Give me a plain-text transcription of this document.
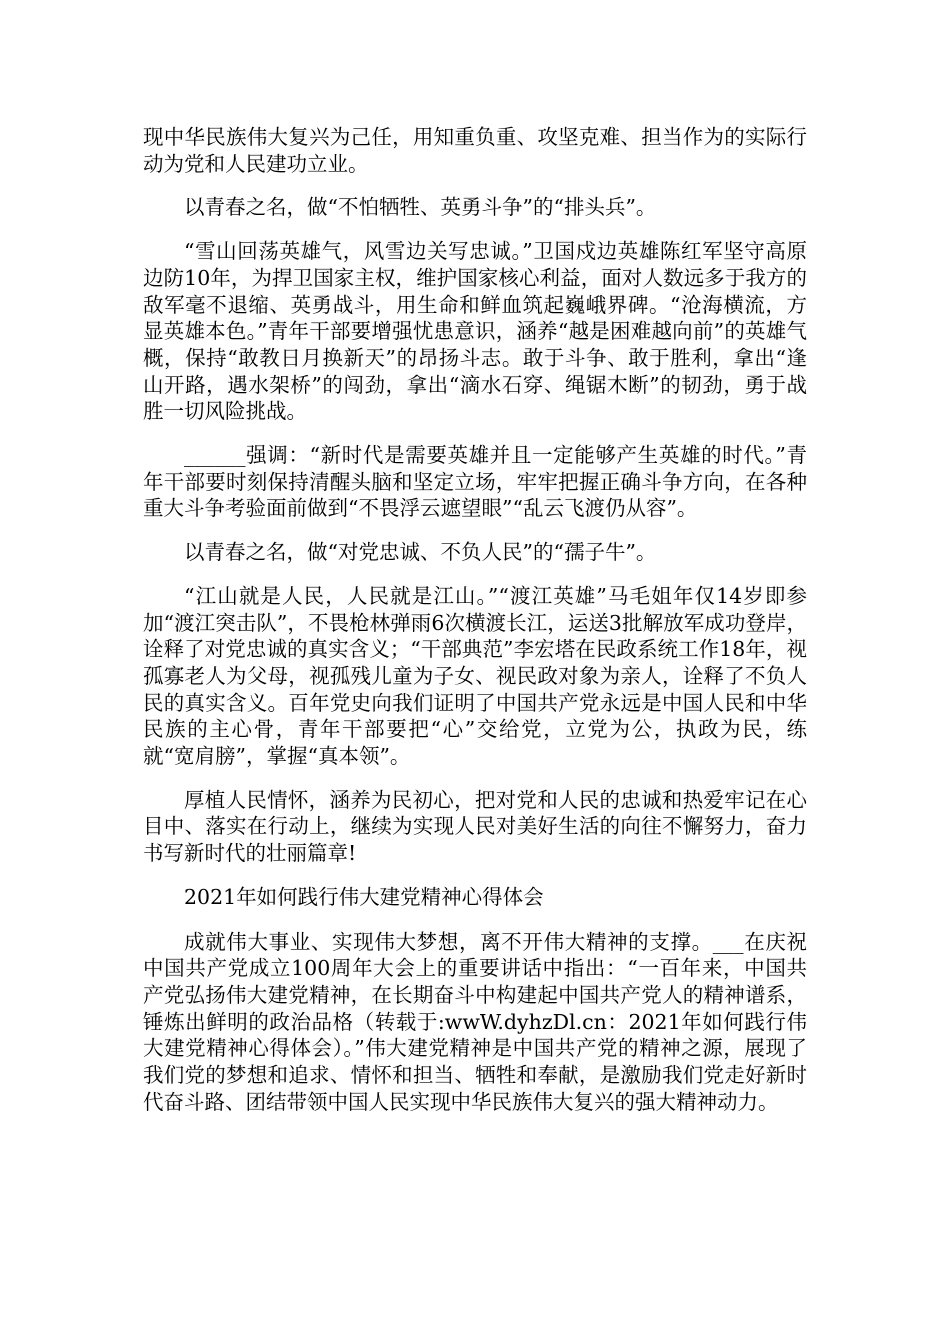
现中华民族伟大复兴为己任，用知重负重、攻坚克难、担当作为的实际行动为党和人民建功立业。

以青春之名，做“不怕牺牲、英勇斗争”的“排头兵”。

“雪山回荡英雄气，风雪边关写忠诚。”卫国戍边英雄陈红军坚守高原边防10年，为捍卫国家主权，维护国家核心利益，面对人数远多于我方的敌军毫不退缩、英勇战斗，用生命和鲜血筑起巍峨界碑。“沧海横流，方显英雄本色。”青年干部要增强忧患意识，涵养“越是困难越向前”的英雄气概，保持“敢教日月换新天”的昂扬斗志。敢于斗争、敢于胜利，拿出“逢山开路，遇水架桥”的闯劲，拿出“滴水石穿、绳锯木断”的韧劲，勇于战胜一切风险挑战。

______强调：“新时代是需要英雄并且一定能够产生英雄的时代。”青年干部要时刻保持清醒头脑和坚定立场，牢牢把握正确斗争方向，在各种重大斗争考验面前做到“不畏浮云遮望眼”“乱云飞渡仍从容”。

以青春之名，做“对党忠诚、不负人民”的“孺子牛”。

“江山就是人民，人民就是江山。”“渡江英雄”马毛姐年仅14岁即参加“渡江突击队”，不畏枪林弹雨6次横渡长江，运送3批解放军成功登岸，诠释了对党忠诚的真实含义；“干部典范”李宏塔在民政系统工作18年，视孤寡老人为父母，视孤残儿童为子女、视民政对象为亲人，诠释了不负人民的真实含义。百年党史向我们证明了中国共产党永远是中国人民和中华民族的主心骨，青年干部要把“心”交给党，立党为公，执政为民，练就“宽肩膀”，掌握“真本领”。

厚植人民情怀，涵养为民初心，把对党和人民的忠诚和热爱牢记在心目中、落实在行动上，继续为实现人民对美好生活的向往不懈努力，奋力书写新时代的壮丽篇章!

2021年如何践行伟大建党精神心得体会

成就伟大事业、实现伟大梦想，离不开伟大精神的支撑。___在庆祝中国共产党成立100周年大会上的重要讲话中指出：“一百年来，中国共产党弘扬伟大建党精神，在长期奋斗中构建起中国共产党人的精神谱系，锤炼出鲜明的政治品格（转载于:wwW.dyhzDl.cn：2021年如何践行伟大建党精神心得体会）。”伟大建党精神是中国共产党的精神之源，展现了我们党的梦想和追求、情怀和担当、牺牲和奉献，是激励我们党走好新时代奋斗路、团结带领中国人民实现中华民族伟大复兴的强大精神动力。
